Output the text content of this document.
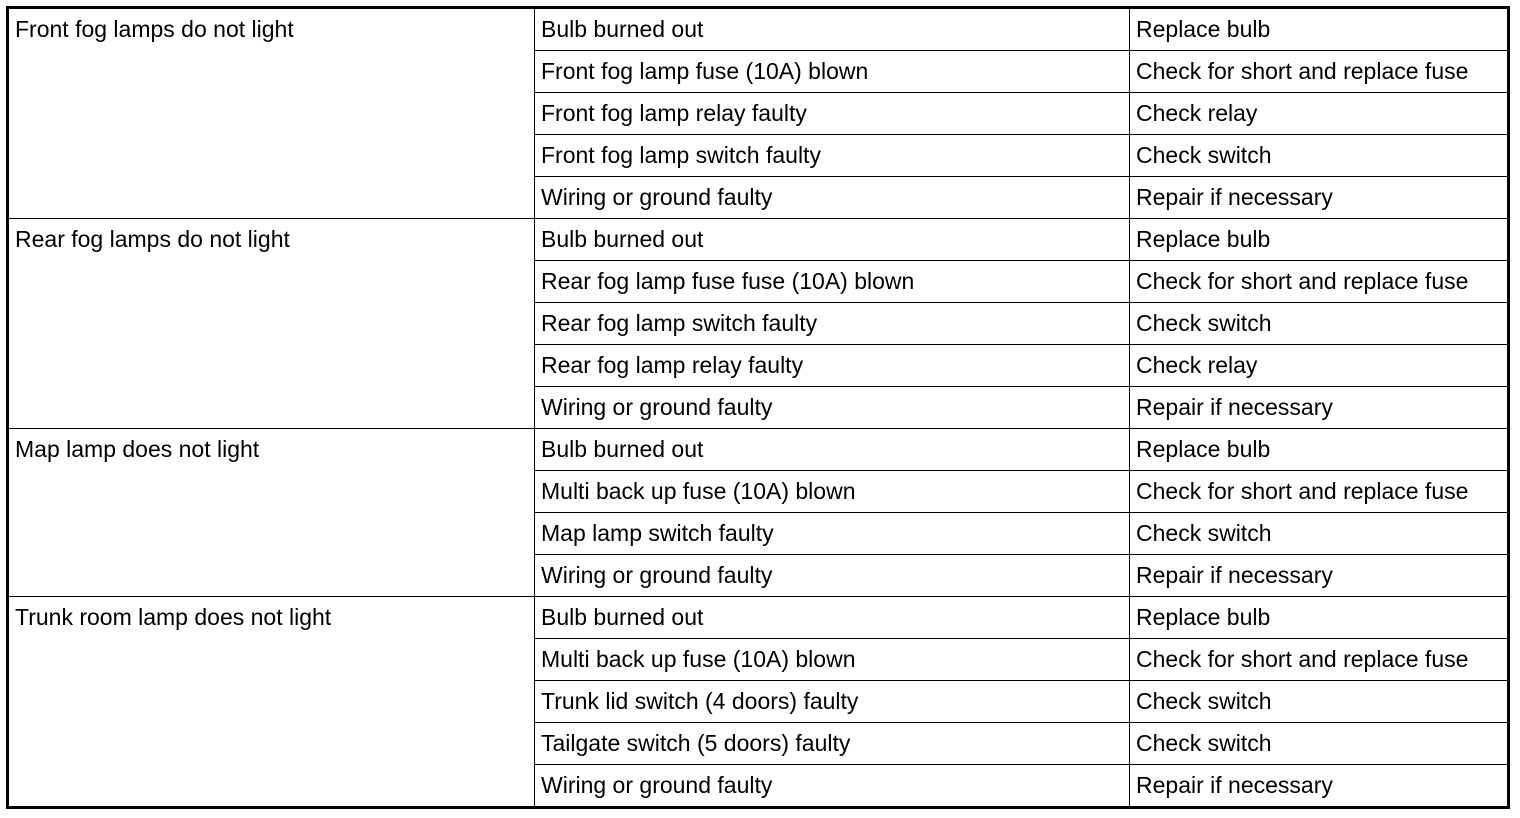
Front fog lamps do not light	Bulb burned out	Replace bulb
	Front fog lamp fuse (10A) blown	Check for short and replace fuse
	Front fog lamp relay faulty	Check relay
	Front fog lamp switch faulty	Check switch
	Wiring or ground faulty	Repair if necessary
Rear fog lamps do not light	Bulb burned out	Replace bulb
	Rear fog lamp fuse fuse (10A) blown	Check for short and replace fuse
	Rear fog lamp switch faulty	Check switch
	Rear fog lamp relay faulty	Check relay
	Wiring or ground faulty	Repair if necessary
Map lamp does not light	Bulb burned out	Replace bulb
	Multi back up fuse (10A) blown	Check for short and replace fuse
	Map lamp switch faulty	Check switch
	Wiring or ground faulty	Repair if necessary
Trunk room lamp does not light	Bulb burned out	Replace bulb
	Multi back up fuse (10A) blown	Check for short and replace fuse
	Trunk lid switch (4 doors) faulty	Check switch
	Tailgate switch (5 doors) faulty	Check switch
	Wiring or ground faulty	Repair if necessary
